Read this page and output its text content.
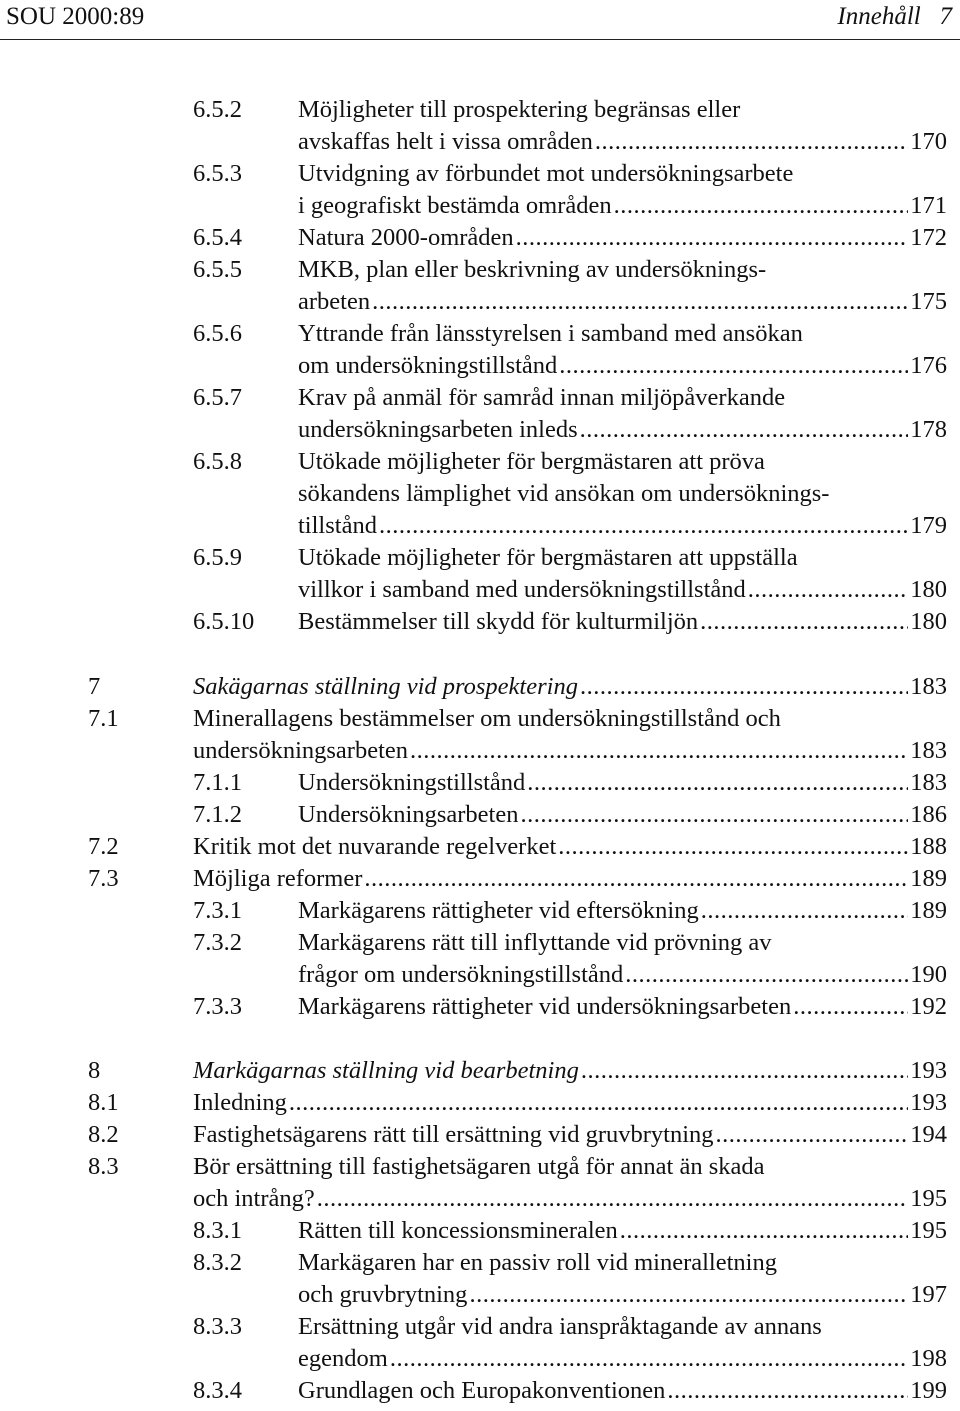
SOU 2000:89	Innehåll   7
6.5.2 Möjligheter till prospektering begränsas eller
avskaffas helt i vissa områden .....	170
6.5.3 Utvidgning av förbundet mot undersökningsarbete
i geografiskt bestämda områden .....	171
6.5.4 Natura 2000-områden .....	172
6.5.5 MKB, plan eller beskrivning av undersöknings-
arbeten .....	175
6.5.6 Yttrande från länsstyrelsen i samband med ansökan
om undersökningstillstånd .....	176
6.5.7 Krav på anmäl för samråd innan miljöpåverkande
undersökningsarbeten inleds .....	178
6.5.8 Utökade möjligheter för bergmästaren att pröva
sökandens lämplighet vid ansökan om undersöknings-
tillstånd .....	179
6.5.9 Utökade möjligheter för bergmästaren att uppställa
villkor i samband med undersökningstillstånd .....	180
6.5.10 Bestämmelser till skydd för kulturmiljön .....	180
7	Sakägarnas ställning vid prospektering .....	183
7.1	Minerallagens bestämmelser om undersökningstillstånd och
undersökningsarbeten .....	183
7.1.1 Undersökningstillstånd .....	183
7.1.2 Undersökningsarbeten .....	186
7.2	Kritik mot det nuvarande regelverket .....	188
7.3	Möjliga reformer .....	189
7.3.1 Markägarens rättigheter vid eftersökning .....	189
7.3.2 Markägarens rätt till inflyttande vid prövning av
frågor om undersökningstillstånd .....	190
7.3.3 Markägarens rättigheter vid undersökningsarbeten .....	192
8	Markägarnas ställning vid bearbetning .....	193
8.1	Inledning .....	193
8.2	Fastighetsägarens rätt till ersättning vid gruvbrytning .....	194
8.3	Bör ersättning till fastighetsägaren utgå för annat än skada
och intrång? .....	195
8.3.1 Rätten till koncessionsmineralen .....	195
8.3.2 Markägaren har en passiv roll vid mineralletning
och gruvbrytning .....	197
8.3.3 Ersättning utgår vid andra ianspråktagande av annans
egendom .....	198
8.3.4 Grundlagen och Europakonventionen .....	199
